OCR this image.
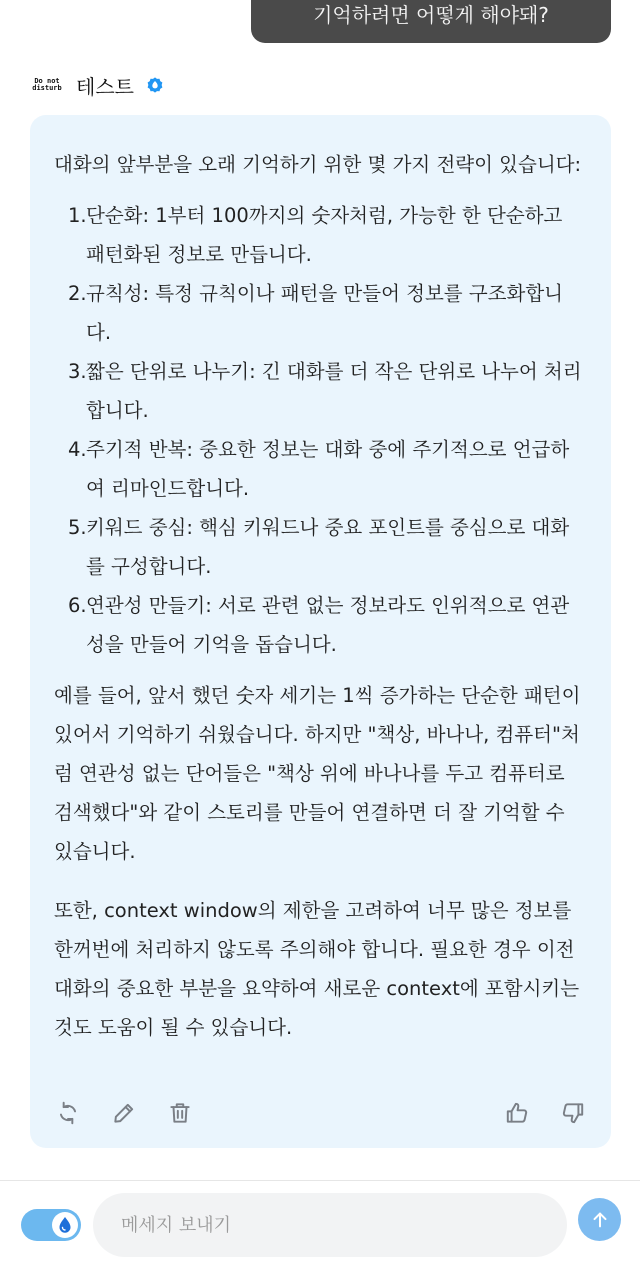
기억하려면 어떻게 해야돼?
Do not disturb 테스트

대화의 앞부분을 오래 기억하기 위한 몇 가지 전략이 있습니다:

1. 단순화: 1부터 100까지의 숫자처럼, 가능한 한 단순하고 패턴화된 정보로 만듭니다.
2. 규칙성: 특정 규칙이나 패턴을 만들어 정보를 구조화합니다.
3. 짧은 단위로 나누기: 긴 대화를 더 작은 단위로 나누어 처리합니다.
4. 주기적 반복: 중요한 정보는 대화 중에 주기적으로 언급하여 리마인드합니다.
5. 키워드 중심: 핵심 키워드나 중요 포인트를 중심으로 대화를 구성합니다.
6. 연관성 만들기: 서로 관련 없는 정보라도 인위적으로 연관성을 만들어 기억을 돕습니다.

예를 들어, 앞서 했던 숫자 세기는 1씩 증가하는 단순한 패턴이 있어서 기억하기 쉬웠습니다. 하지만 "책상, 바나나, 컴퓨터"처럼 연관성 없는 단어들은 "책상 위에 바나나를 두고 컴퓨터로 검색했다"와 같이 스토리를 만들어 연결하면 더 잘 기억할 수 있습니다.

또한, context window의 제한을 고려하여 너무 많은 정보를 한꺼번에 처리하지 않도록 주의해야 합니다. 필요한 경우 이전 대화의 중요한 부분을 요약하여 새로운 context에 포함시키는 것도 도움이 될 수 있습니다.

메세지 보내기
